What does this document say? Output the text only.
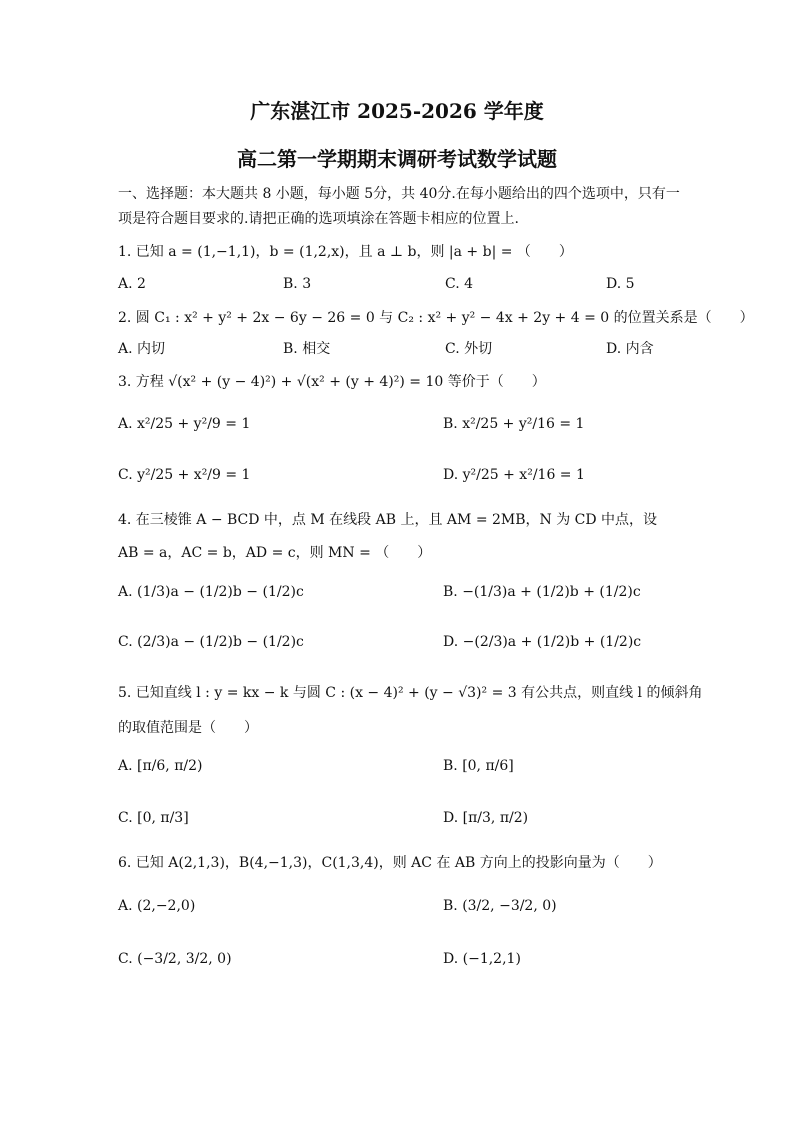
广东湛江市 2025-2026 学年度
高二第一学期期末调研考试数学试题
一、选择题：本大题共 8 小题，每小题 5分，共 40分.在每小题给出的四个选项中，只有一
项是符合题目要求的.请把正确的选项填涂在答题卡相应的位置上.
1. 已知 a = (1,−1,1)，b = (1,2,x)，且 a ⊥ b，则 |a + b| = （　　）
A. 2	B. 3	C. 4	D. 5
2. 圆 C₁ : x² + y² + 2x − 6y − 26 = 0 与 C₂ : x² + y² − 4x + 2y + 4 = 0 的位置关系是（　　）
A. 内切	B. 相交	C. 外切	D. 内含
3. 方程 √(x² + (y − 4)²) + √(x² + (y + 4)²) = 10 等价于（　　）
A. x²/25 + y²/9 = 1	B. x²/25 + y²/16 = 1
C. y²/25 + x²/9 = 1	D. y²/25 + x²/16 = 1
4. 在三棱锥 A − BCD 中，点 M 在线段 AB 上，且 AM = 2MB，N 为 CD 中点，设
AB = a，AC = b，AD = c，则 MN = （　　）
A. (1/3)a − (1/2)b − (1/2)c	B. −(1/3)a + (1/2)b + (1/2)c
C. (2/3)a − (1/2)b − (1/2)c	D. −(2/3)a + (1/2)b + (1/2)c
5. 已知直线 l : y = kx − k 与圆 C : (x − 4)² + (y − √3)² = 3 有公共点，则直线 l 的倾斜角
的取值范围是（　　）
A. [π/6, π/2)	B. [0, π/6]
C. [0, π/3]	D. [π/3, π/2)
6. 已知 A(2,1,3)，B(4,−1,3)，C(1,3,4)，则 AC 在 AB 方向上的投影向量为（　　）
A. (2,−2,0)	B. (3/2, −3/2, 0)
C. (−3/2, 3/2, 0)	D. (−1,2,1)
